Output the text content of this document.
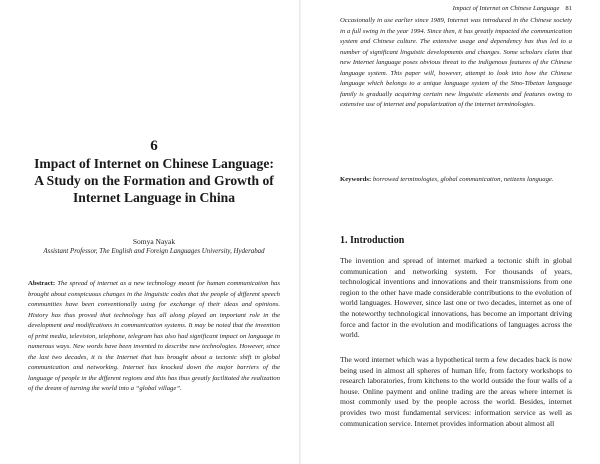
6
Impact of Internet on Chinese Language: A Study on the Formation and Growth of Internet Language in China
Somya Nayak
Assistant Professor, The English and Foreign Languages University, Hyderabad
Abstract: The spread of internet as a new technology meant for human communication has brought about conspicuous changes in the linguistic codes that the people of different speech communities have been conventionally using for exchange of their ideas and opinions. History has thus proved that technology has all along played an important role in the development and modifications in communication systems. It may be noted that the invention of print media, television, telephone, telegram has also had significant impact on language in numerous ways. New words have been invented to describe new technologies. However, since the last two decades, it is the Internet that has brought about a tectonic shift in global communication and networking. Internet has knocked down the major barriers of the language of people in the different regions and this has thus greatly facilitated the realization of the dream of turning the world into a “global village”.
Impact of Internet on Chinese Language 81
Occasionally in use earlier since 1989, Internet was introduced in the Chinese society in a full swing in the year 1994. Since then, it has greatly impacted the communication system and Chinese culture. The extensive usage and dependency has thus led to a number of significant linguistic developments and changes. Some scholars claim that new Internet language poses obvious threat to the indigenous features of the Chinese language system. This paper will, however, attempt to look into how the Chinese language which belongs to a unique language system of the Sino-Tibetan language family is gradually acquiring certain new linguistic elements and features owing to extensive use of internet and popularization of the internet terminologies.
Keywords: borrowed terminologies, global communication, netizens language.
1. Introduction
The invention and spread of internet marked a tectonic shift in global communication and networking system. For thousands of years, technological inventions and innovations and their transmissions from one region to the other have made considerable contributions to the evolution of world languages. However, since last one or two decades, internet as one of the noteworthy technological innovations, has become an important driving force and factor in the evolution and modifications of languages across the world.
The word internet which was a hypothetical term a few decades back is now being used in almost all spheres of human life, from factory workshops to research laboratories, from kitchens to the world outside the four walls of a house. Online payment and online trading are the areas where internet is most commonly used by the people across the world. Besides, internet provides two most fundamental services: information service as well as communication service. Internet provides information about almost all
